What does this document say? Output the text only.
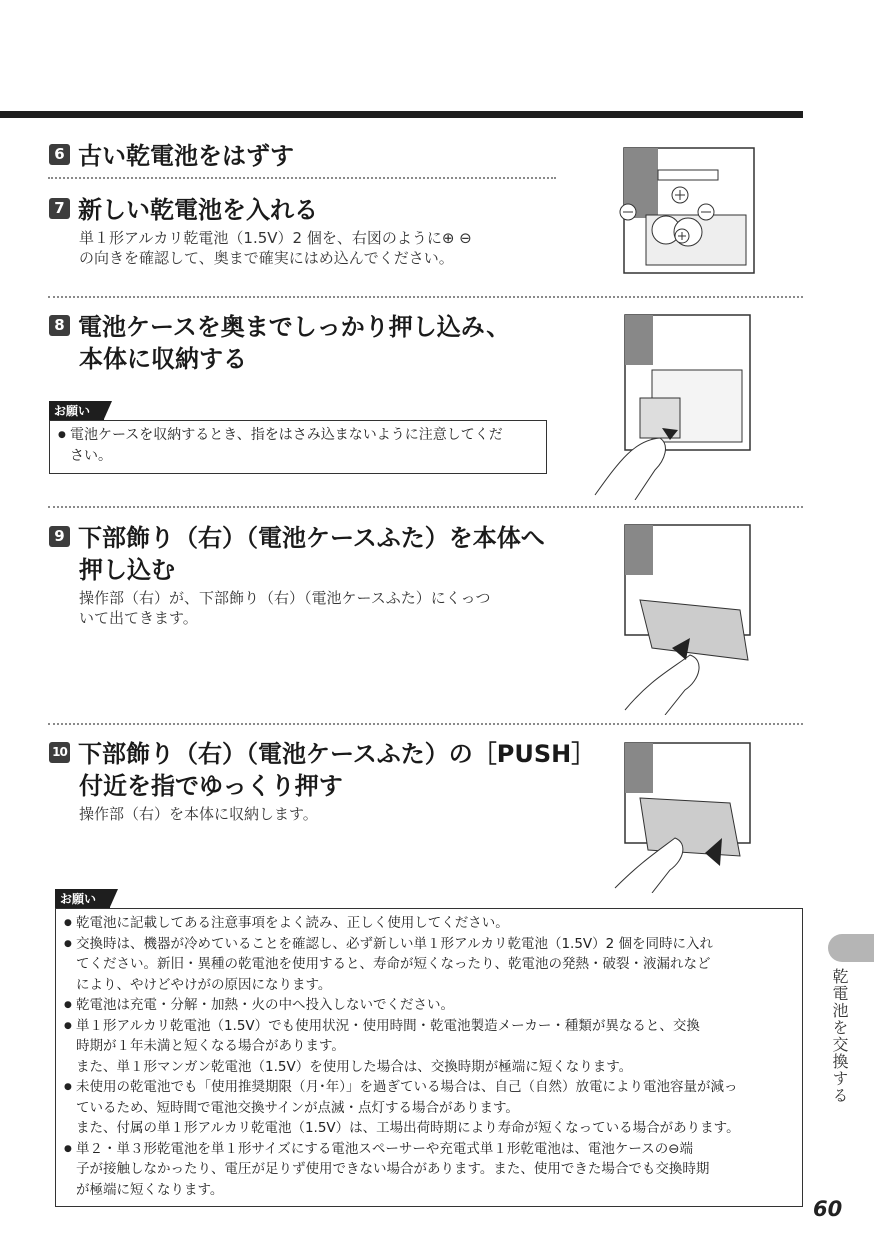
6 古い乾電池をはずす
7 新しい乾電池を入れる
単１形アルカリ乾電池（1.5V）2 個を、右図のように⊕ ⊖
の向きを確認して、奥まで確実にはめ込んでください。
8 電池ケースを奥までしっかり押し込み、
本体に収納する
お願い
● 電池ケースを収納するとき、指をはさみ込まないように注意してくだ
さい。
9 下部飾り（右）（電池ケースふた）を本体へ
押し込む
操作部（右）が、下部飾り（右）（電池ケースふた）にくっつ
いて出てきます。
10 下部飾り（右）（電池ケースふた）の［PUSH］
付近を指でゆっくり押す
操作部（右）を本体に収納します。
お願い
● 乾電池に記載してある注意事項をよく読み、正しく使用してください。
● 交換時は、機器が冷めていることを確認し、必ず新しい単１形アルカリ乾電池（1.5V）2 個を同時に入れ
てください。新旧・異種の乾電池を使用すると、寿命が短くなったり、乾電池の発熱・破裂・液漏れなど
により、やけどやけがの原因になります。
● 乾電池は充電・分解・加熱・火の中へ投入しないでください。
● 単１形アルカリ乾電池（1.5V）でも使用状況・使用時間・乾電池製造メーカー・種類が異なると、交換
時期が１年未満と短くなる場合があります。
また、単１形マンガン乾電池（1.5V）を使用した場合は、交換時期が極端に短くなります。
● 未使用の乾電池でも「使用推奨期限（月･年）」を過ぎている場合は、自己（自然）放電により電池容量が減っ
ているため、短時間で電池交換サインが点滅・点灯する場合があります。
また、付属の単１形アルカリ乾電池（1.5V）は、工場出荷時期により寿命が短くなっている場合があります。
● 単２・単３形乾電池を単１形サイズにする電池スペーサーや充電式単１形乾電池は、電池ケースの⊖端
子が接触しなかったり、電圧が足りず使用できない場合があります。また、使用できた場合でも交換時期
が極端に短くなります。
乾電池を交換する
60
